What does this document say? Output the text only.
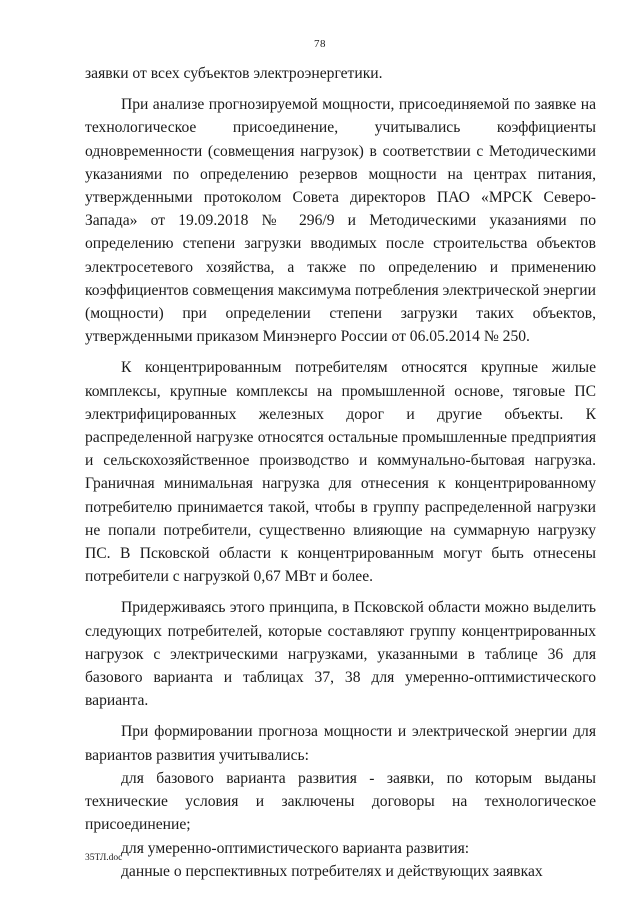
78

заявки от всех субъектов электроэнергетики.

При анализе прогнозируемой мощности, присоединяемой по заявке на технологическое присоединение, учитывались коэффициенты одновременности (совмещения нагрузок) в соответствии с Методическими указаниями по определению резервов мощности на центрах питания, утвержденными протоколом Совета директоров ПАО «МРСК Северо-Запада» от 19.09.2018 № 296/9 и Методическими указаниями по определению степени загрузки вводимых после строительства объектов электросетевого хозяйства, а также по определению и применению коэффициентов совмещения максимума потребления электрической энергии (мощности) при определении степени загрузки таких объектов, утвержденными приказом Минэнерго России от 06.05.2014 № 250.

К концентрированным потребителям относятся крупные жилые комплексы, крупные комплексы на промышленной основе, тяговые ПС электрифицированных железных дорог и другие объекты. К распределенной нагрузке относятся остальные промышленные предприятия и сельскохозяйственное производство и коммунально-бытовая нагрузка. Граничная минимальная нагрузка для отнесения к концентрированному потребителю принимается такой, чтобы в группу распределенной нагрузки не попали потребители, существенно влияющие на суммарную нагрузку ПС. В Псковской области к концентрированным могут быть отнесены потребители с нагрузкой 0,67 МВт и более.

Придерживаясь этого принципа, в Псковской области можно выделить следующих потребителей, которые составляют группу концентрированных нагрузок с электрическими нагрузками, указанными в таблице 36 для базового варианта и таблицах 37, 38 для умеренно-оптимистического варианта.

При формировании прогноза мощности и электрической энергии для вариантов развития учитывались:

для базового варианта развития - заявки, по которым выданы технические условия и заключены договоры на технологическое присоединение;

для умеренно-оптимистического варианта развития:

данные о перспективных потребителях и действующих заявках

35ТЛ.doc
